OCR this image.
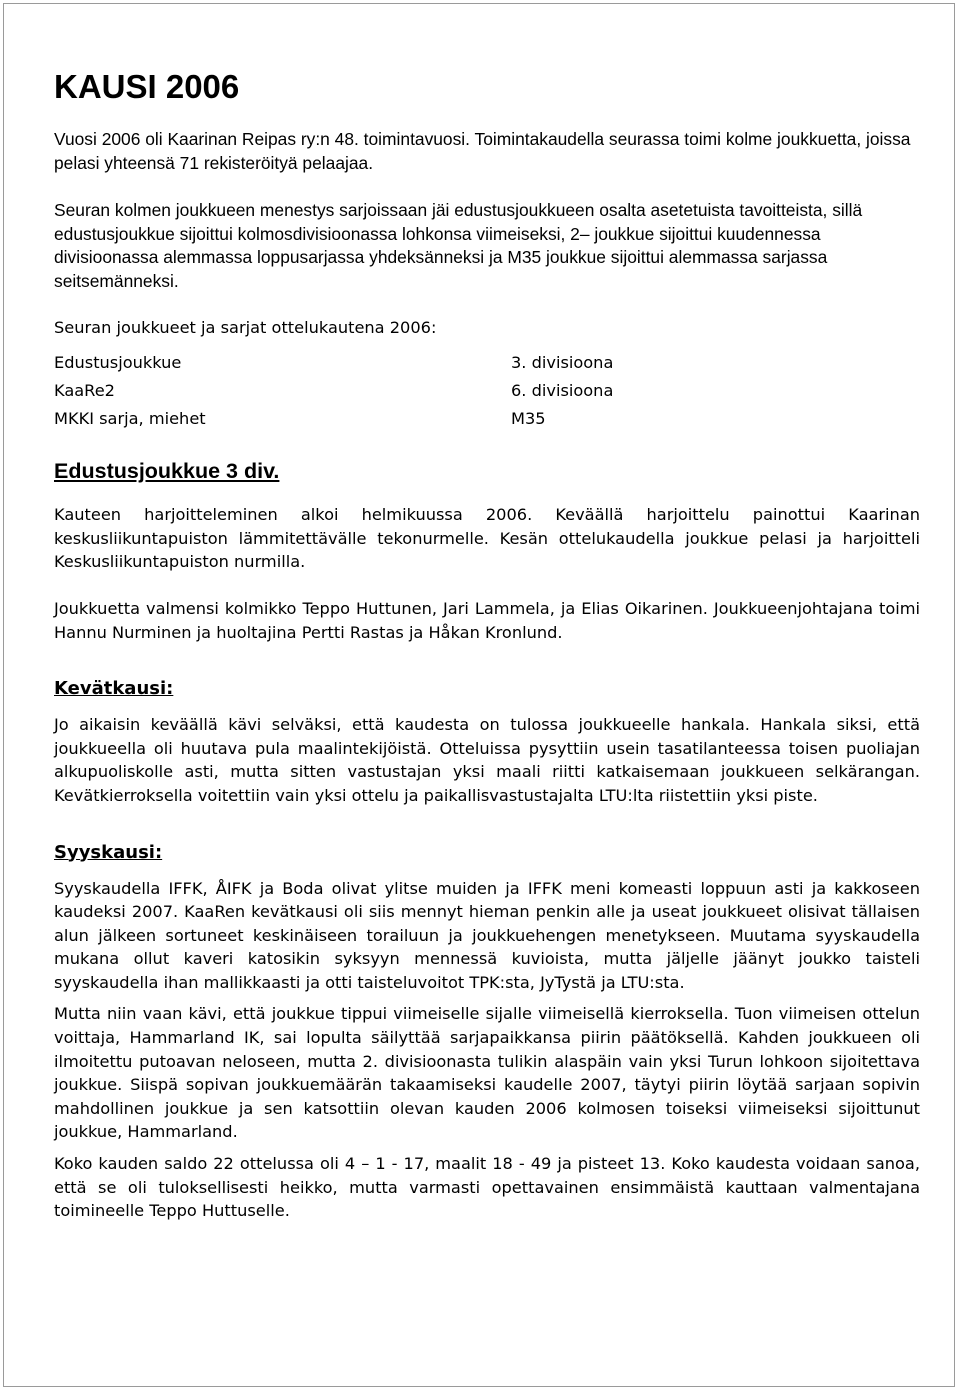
KAUSI 2006

Vuosi 2006 oli Kaarinan Reipas ry:n 48. toimintavuosi. Toimintakaudella seurassa toimi kolme joukkuetta, joissa pelasi yhteensä 71 rekisteröityä pelaajaa.

Seuran kolmen joukkueen menestys sarjoissaan jäi edustusjoukkueen osalta asetetuista tavoitteista, sillä edustusjoukkue sijoittui kolmosdivisioonassa lohkonsa viimeiseksi, 2– joukkue sijoittui kuudennessa divisioonassa alemmassa loppusarjassa yhdeksänneksi ja M35 joukkue sijoittui alemmassa sarjassa seitsemänneksi.

Seuran joukkueet ja sarjat ottelukautena 2006:

Edustusjoukkue	3. divisioona
KaaRe2	6. divisioona
MKKI sarja, miehet	M35
Edustusjoukkue 3 div.

Kauteen harjoitteleminen alkoi helmikuussa 2006. Keväällä harjoittelu painottui Kaarinan keskusliikuntapuiston lämmitettävälle tekonurmelle. Kesän ottelukaudella joukkue pelasi ja harjoitteli Keskusliikuntapuiston nurmilla.

Joukkuetta valmensi kolmikko Teppo Huttunen, Jari Lammela, ja Elias Oikarinen. Joukkueenjohtajana toimi Hannu Nurminen ja huoltajina Pertti Rastas ja Håkan Kronlund.

Kevätkausi:

Jo aikaisin keväällä kävi selväksi, että kaudesta on tulossa joukkueelle hankala. Hankala siksi, että joukkueella oli huutava pula maalintekijöistä. Otteluissa pysyttiin usein tasatilanteessa toisen puoliajan alkupuoliskolle asti, mutta sitten vastustajan yksi maali riitti katkaisemaan joukkueen selkärangan. Kevätkierroksella voitettiin vain yksi ottelu ja paikallisvastustajalta LTU:lta riistettiin yksi piste.

Syyskausi:

Syyskaudella IFFK, ÅIFK ja Boda olivat ylitse muiden ja IFFK meni komeasti loppuun asti ja kakkoseen kaudeksi 2007. KaaRen kevätkausi oli siis mennyt hieman penkin alle ja useat joukkueet olisivat tällaisen alun jälkeen sortuneet keskinäiseen torailuun ja joukkuehengen menetykseen. Muutama syyskaudella mukana ollut kaveri katosikin syksyyn mennessä kuvioista, mutta jäljelle jäänyt joukko taisteli syyskaudella ihan mallikkaasti ja otti taisteluvoitot TPK:sta, JyTystä ja LTU:sta.

Mutta niin vaan kävi, että joukkue tippui viimeiselle sijalle viimeisellä kierroksella. Tuon viimeisen ottelun voittaja, Hammarland IK, sai lopulta säilyttää sarjapaikkansa piirin päätöksellä. Kahden joukkueen oli ilmoitettu putoavan neloseen, mutta 2. divisioonasta tulikin alaspäin vain yksi Turun lohkoon sijoitettava joukkue. Siispä sopivan joukkuemäärän takaamiseksi kaudelle 2007, täytyi piirin löytää sarjaan sopivin mahdollinen joukkue ja sen katsottiin olevan kauden 2006 kolmosen toiseksi viimeiseksi sijoittunut joukkue, Hammarland.

Koko kauden saldo 22 ottelussa oli 4 – 1 - 17, maalit 18 - 49 ja pisteet 13. Koko kaudesta voidaan sanoa, että se oli tuloksellisesti heikko, mutta varmasti opettavainen ensimmäistä kauttaan valmentajana toimineelle Teppo Huttuselle.
